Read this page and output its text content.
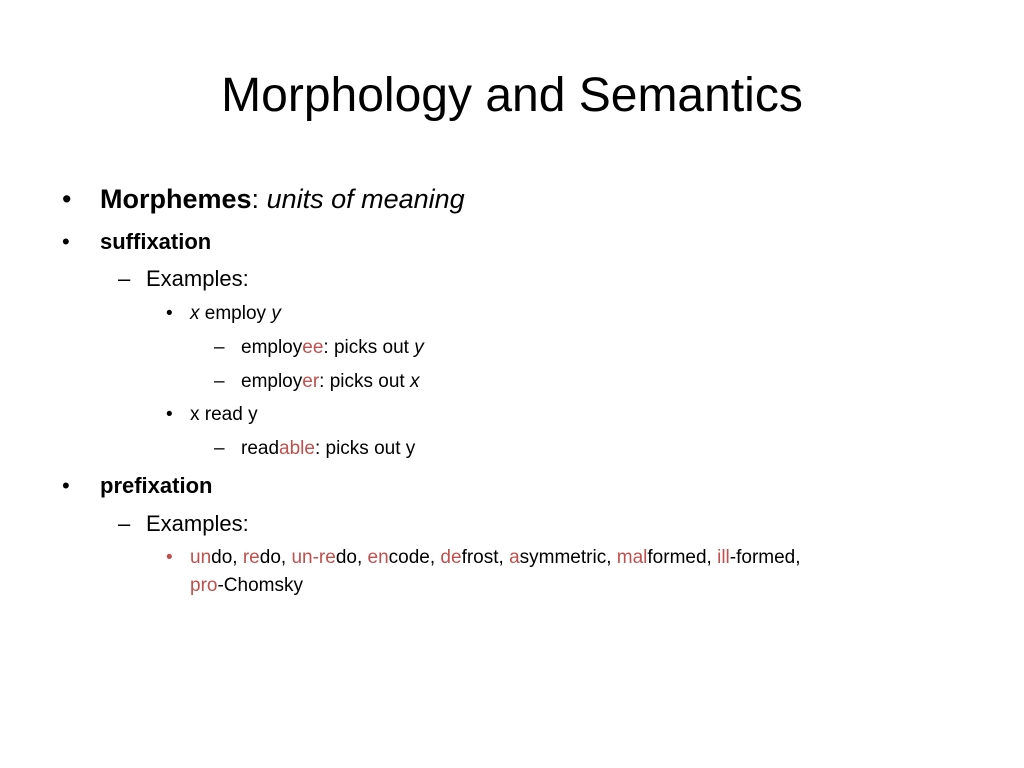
Morphology and Semantics
• Morphemes: units of meaning
• suffixation
– Examples:
• x employ y
– employee: picks out y
– employer: picks out x
• x read y
– readable: picks out y
• prefixation
– Examples:
• undo, redo, un-redo, encode, defrost, asymmetric, malformed, ill-formed,
pro-Chomsky
